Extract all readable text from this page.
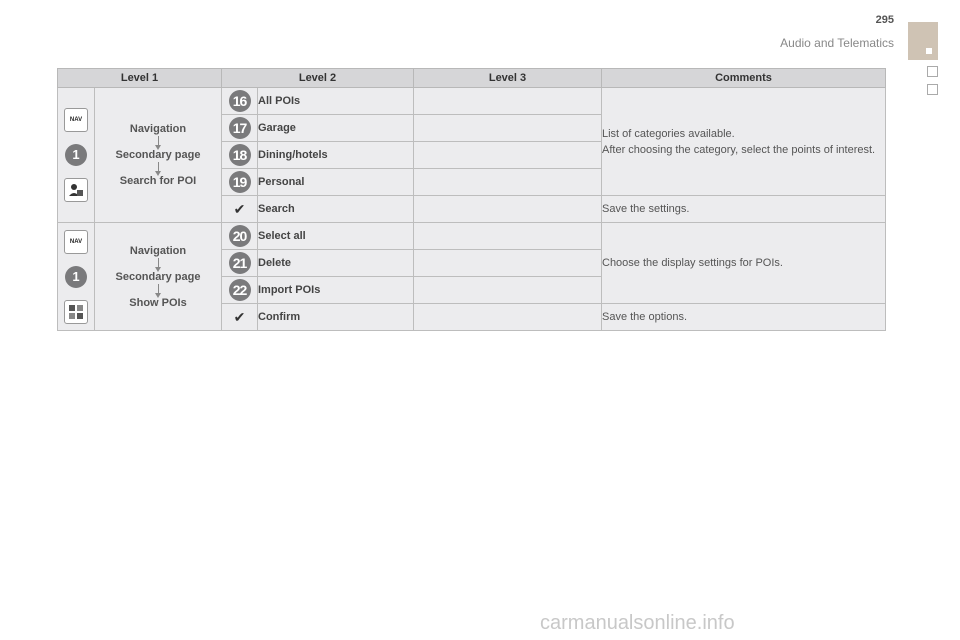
295
Audio and Telematics
Level 1		Level 2		Level 3	Comments

NAV
1	Navigation
Secondary page
Search for POI	16	All POIs		List of categories available.
After choosing the category, select the points of interest.
		17	Garage		
		18	Dining/hotels		
		19	Personal		
		✔	Search		Save the settings.

NAV
1	Navigation
Secondary page
Show POIs	20	Select all		Choose the display settings for POIs.
		21	Delete		
		22	Import POIs		
		✔	Confirm		Save the options.
carmanualsonline.info
